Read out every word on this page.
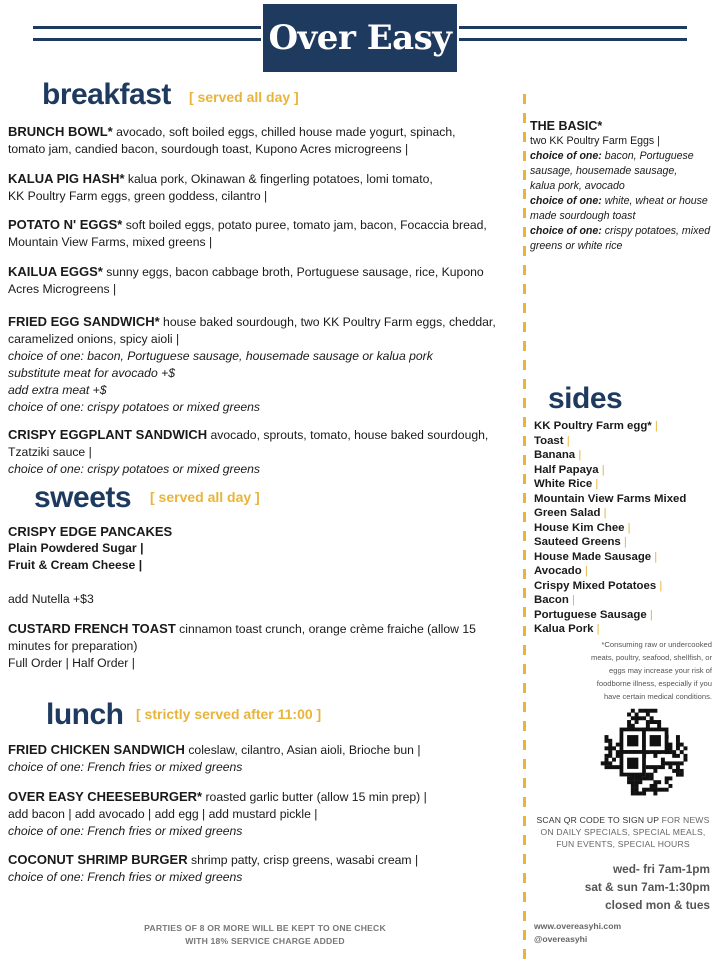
Over Easy
breakfast [ served all day ]
BRUNCH BOWL* avocado, soft boiled eggs, chilled house made yogurt, spinach,
tomato jam, candied bacon, sourdough toast, Kupono Acres microgreens |
KALUA PIG HASH* kalua pork, Okinawan & fingerling potatoes, lomi tomato,
KK Poultry Farm eggs, green goddess, cilantro |
POTATO N' EGGS* soft boiled eggs, potato puree, tomato jam, bacon, Focaccia bread,
Mountain View Farms, mixed greens |
KAILUA EGGS* sunny eggs, bacon cabbage broth, Portuguese sausage, rice, Kupono
Acres Microgreens |
FRIED EGG SANDWICH* house baked sourdough, two KK Poultry Farm eggs, cheddar,
caramelized onions, spicy aioli |
choice of one: bacon, Portuguese sausage, housemade sausage or kalua pork
substitute meat for avocado +$
add extra meat +$
choice of one: crispy potatoes or mixed greens
CRISPY EGGPLANT SANDWICH avocado, sprouts, tomato, house baked sourdough,
Tzatziki sauce |
choice of one: crispy potatoes or mixed greens
sweets [ served all day ]
CRISPY EDGE PANCAKES
Plain Powdered Sugar |
Fruit & Cream Cheese |
add Nutella +$3
CUSTARD FRENCH TOAST cinnamon toast crunch, orange crème fraiche (allow 15
minutes for preparation)
Full Order | Half Order |
lunch [ strictly served after 11:00 ]
FRIED CHICKEN SANDWICH coleslaw, cilantro, Asian aioli, Brioche bun |
choice of one: French fries or mixed greens
OVER EASY CHEESEBURGER* roasted garlic butter (allow 15 min prep) |
add bacon | add avocado | add egg | add mustard pickle |
choice of one: French fries or mixed greens
COCONUT SHRIMP BURGER shrimp patty, crisp greens, wasabi cream |
choice of one: French fries or mixed greens
PARTIES OF 8 OR MORE WILL BE KEPT TO ONE CHECK
WITH 18% SERVICE CHARGE ADDED
THE BASIC*
two KK Poultry Farm Eggs |
choice of one: bacon, Portuguese
sausage, housemade sausage,
kalua pork, avocado
choice of one: white, wheat or house
made sourdough toast
choice of one: crispy potatoes, mixed
greens or white rice
sides
KK Poultry Farm egg* |
Toast |
Banana |
Half Papaya |
White Rice |
Mountain View Farms Mixed
Green Salad |
House Kim Chee |
Sauteed Greens |
House Made Sausage |
Avocado |
Crispy Mixed Potatoes |
Bacon |
Portuguese Sausage |
Kalua Pork |
*Consuming raw or undercooked
meats, poultry, seafood, shellfish, or
eggs may increase your risk of
foodborne illness, especially if you
have certain medical conditions.
SCAN QR CODE TO SIGN UP FOR NEWS
ON DAILY SPECIALS, SPECIAL MEALS,
FUN EVENTS, SPECIAL HOURS
wed- fri 7am-1pm
sat & sun 7am-1:30pm
closed mon & tues
www.overeasyhi.com
@overeasyhi
